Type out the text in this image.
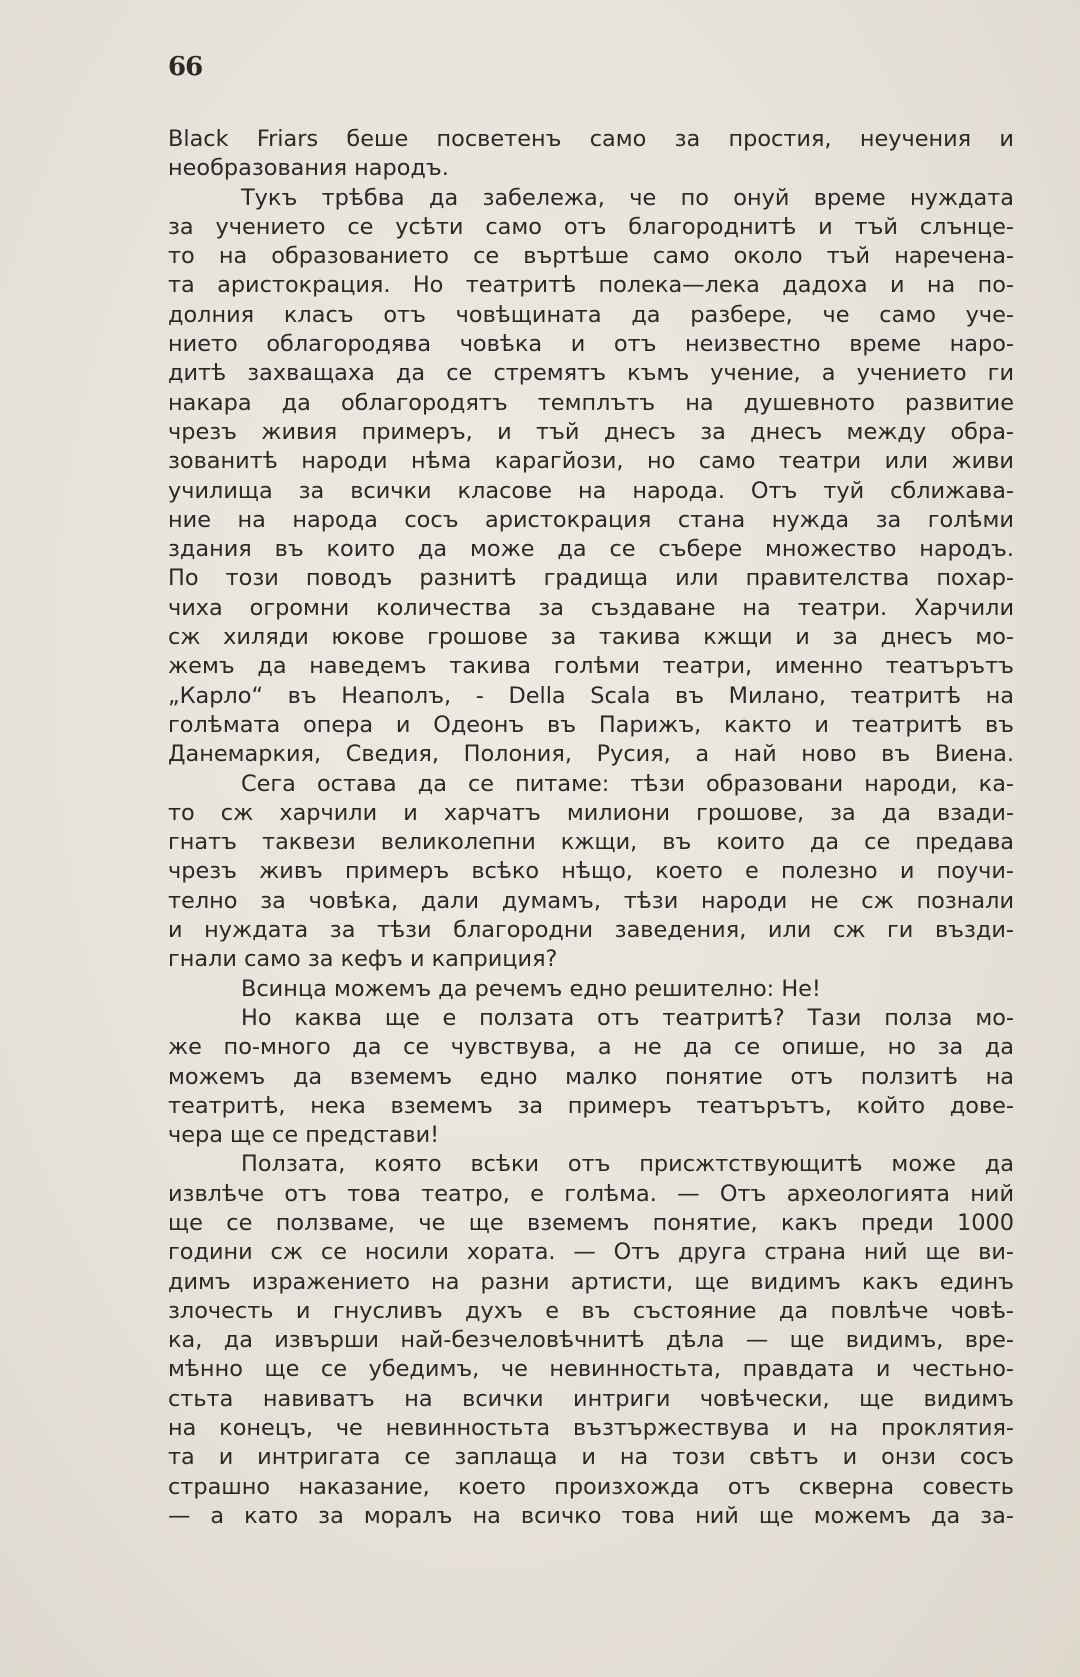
66
Black Friars беше посветенъ само за простия, неучения и
необразования народъ.
Тукъ трѣбва да забележа, че по онуй време нуждата
за учението се усѣти само отъ благороднитѣ и тъй слънце-
то на образованието се въртѣше само около тъй наречена-
та аристокрация. Но театритѣ полека—лека дадоха и на по-
долния класъ отъ човѣщината да разбере, че само уче-
нието облагородява човѣка и отъ неизвестно време наро-
дитѣ захващаха да се стремятъ къмъ учение, а учението ги
накара да облагородятъ темплътъ на душевното развитие
чрезъ живия примеръ, и тъй днесъ за днесъ между обра-
зованитѣ народи нѣма карагйози, но само театри или живи
училища за всички класове на народа. Отъ туй сближава-
ние на народа сосъ аристокрация стана нужда за голѣми
здания въ които да може да се събере множество народъ.
По този поводъ разнитѣ градища или правителства похар-
чиха огромни количества за създаване на театри. Харчили
сж хиляди юкове грошове за такива кжщи и за днесъ мо-
жемъ да наведемъ такива голѣми театри, именно театърътъ
„Карло“ въ Неаполъ, - Della Scala въ Милано, театритѣ на
голѣмата опера и Одеонъ въ Парижъ, както и театритѣ въ
Данемаркия, Сведия, Полония, Русия, а най ново въ Виена.
Сега остава да се питаме: тѣзи образовани народи, ка-
то сж харчили и харчатъ милиони грошове, за да взади-
гнатъ таквези великолепни кжщи, въ които да се предава
чрезъ живъ примеръ всѣко нѣщо, което е полезно и поучи-
телно за човѣка, дали думамъ, тѣзи народи не сж познали
и нуждата за тѣзи благородни заведения, или сж ги възди-
гнали само за кефъ и каприция?
Всинца можемъ да речемъ едно решително: Не!
Но каква ще е ползата отъ театритѣ? Тази полза мо-
же по-много да се чувствува, а не да се опише, но за да
можемъ да вземемъ едно малко понятие отъ ползитѣ на
театритѣ, нека вземемъ за примеръ театърътъ, който дове-
чера ще се представи!
Ползата, която всѣки отъ присжтствующитѣ може да
извлѣче отъ това театро, е голѣма. — Отъ археологията ний
ще се ползваме, че ще вземемъ понятие, какъ преди 1000
години сж се носили хората. — Отъ друга страна ний ще ви-
димъ изражението на разни артисти, ще видимъ какъ единъ
злочесть и гнусливъ духъ е въ състояние да повлѣче човѣ-
ка, да извърши най-безчеловѣчнитѣ дѣла — ще видимъ, вре-
мѣнно ще се убедимъ, че невинностьта, правдата и честьно-
стьта навиватъ на всички интриги човѣчески, ще видимъ
на конецъ, че невинностьта възтържествува и на проклятия-
та и интригата се заплаща и на този свѣтъ и онзи сосъ
страшно наказание, което произхожда отъ скверна совесть
— а като за моралъ на всичко това ний ще можемъ да за-
